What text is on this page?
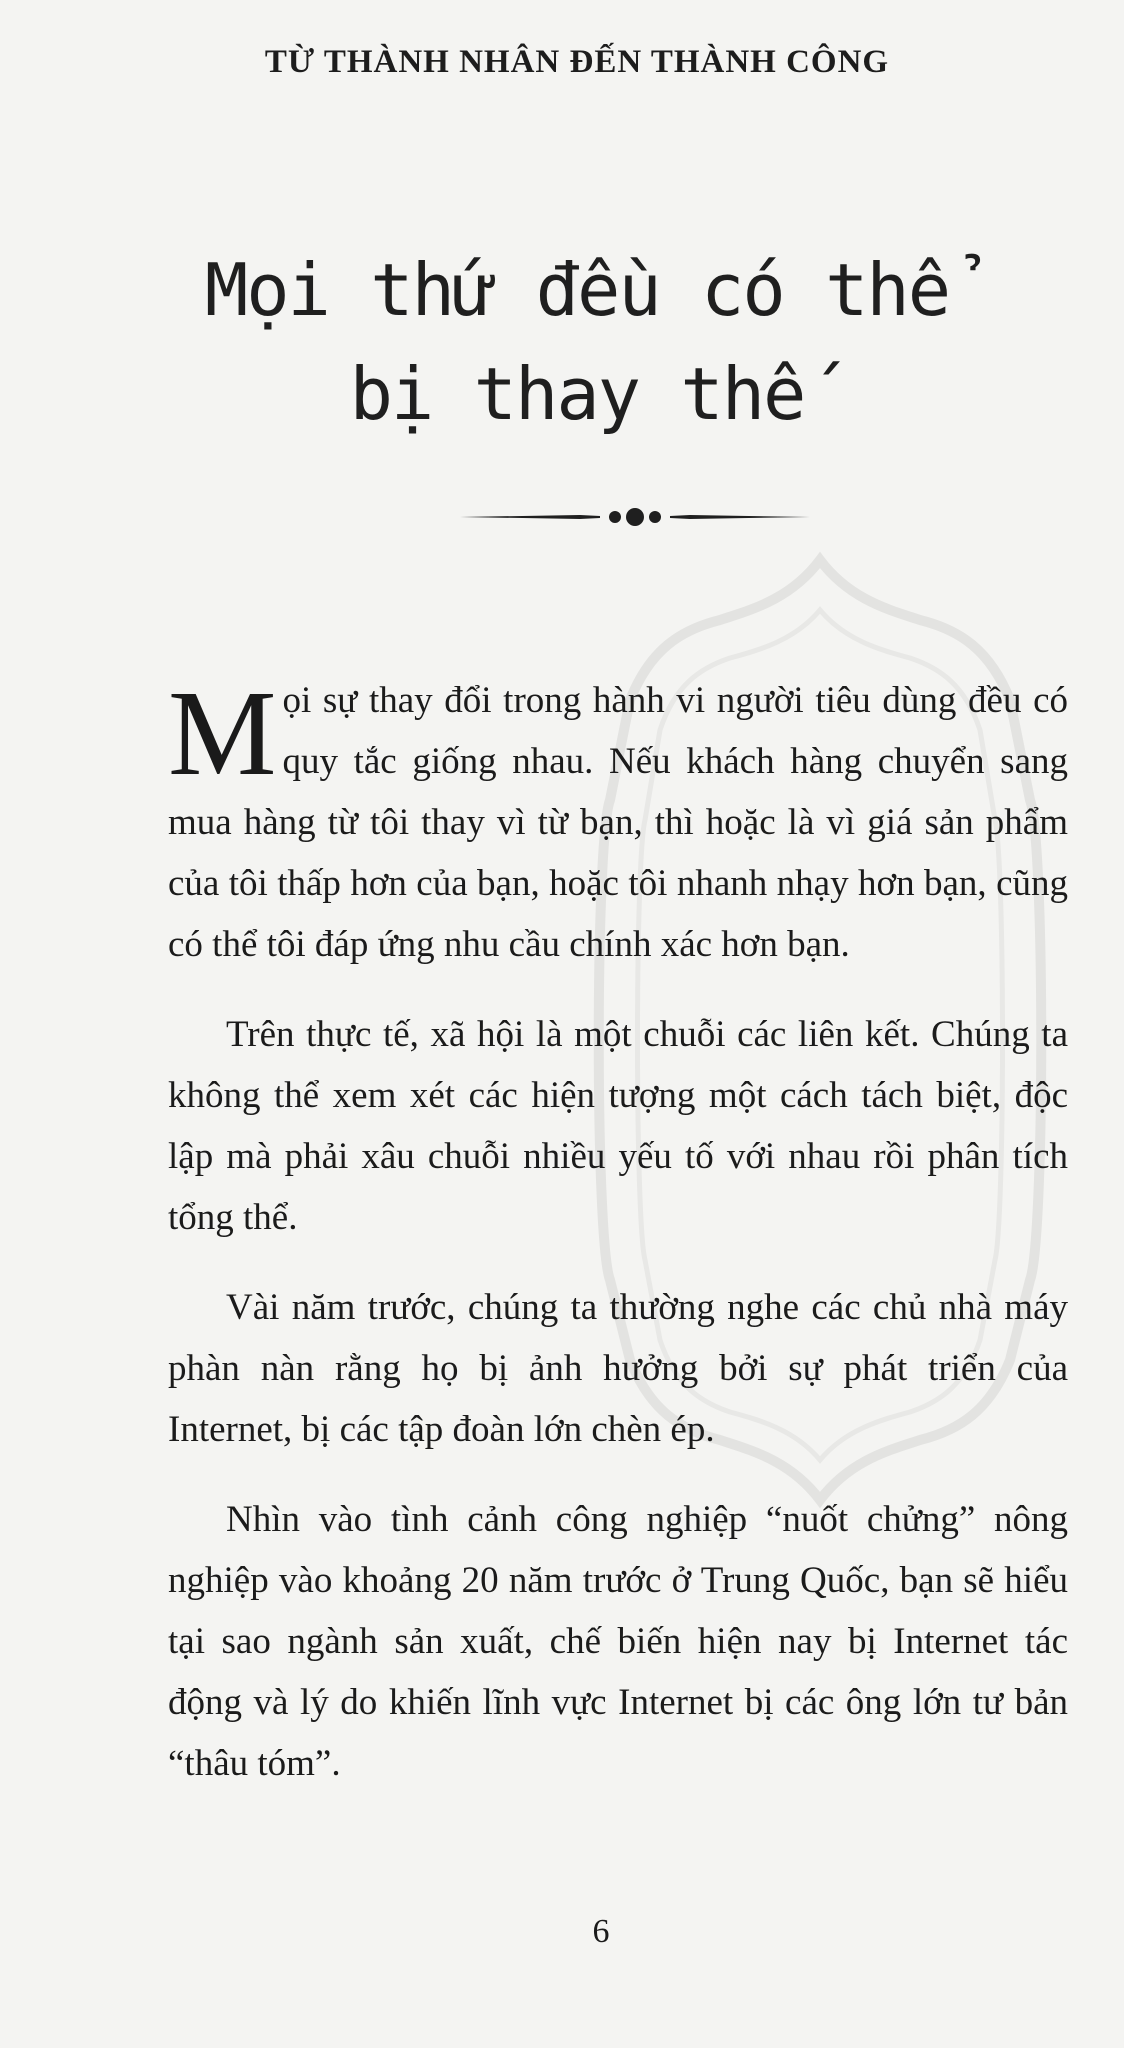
TỪ THÀNH NHÂN ĐẾN THÀNH CÔNG
Mọi thứ đều có thể
bị thay thế

Mọi sự thay đổi trong hành vi người tiêu dùng đều có quy tắc giống nhau. Nếu khách hàng chuyển sang mua hàng từ tôi thay vì từ bạn, thì hoặc là vì giá sản phẩm của tôi thấp hơn của bạn, hoặc tôi nhanh nhạy hơn bạn, cũng có thể tôi đáp ứng nhu cầu chính xác hơn bạn.

Trên thực tế, xã hội là một chuỗi các liên kết. Chúng ta không thể xem xét các hiện tượng một cách tách biệt, độc lập mà phải xâu chuỗi nhiều yếu tố với nhau rồi phân tích tổng thể.

Vài năm trước, chúng ta thường nghe các chủ nhà máy phàn nàn rằng họ bị ảnh hưởng bởi sự phát triển của Internet, bị các tập đoàn lớn chèn ép.

Nhìn vào tình cảnh công nghiệp “nuốt chửng” nông nghiệp vào khoảng 20 năm trước ở Trung Quốc, bạn sẽ hiểu tại sao ngành sản xuất, chế biến hiện nay bị Internet tác động và lý do khiến lĩnh vực Internet bị các ông lớn tư bản “thâu tóm”.

6
